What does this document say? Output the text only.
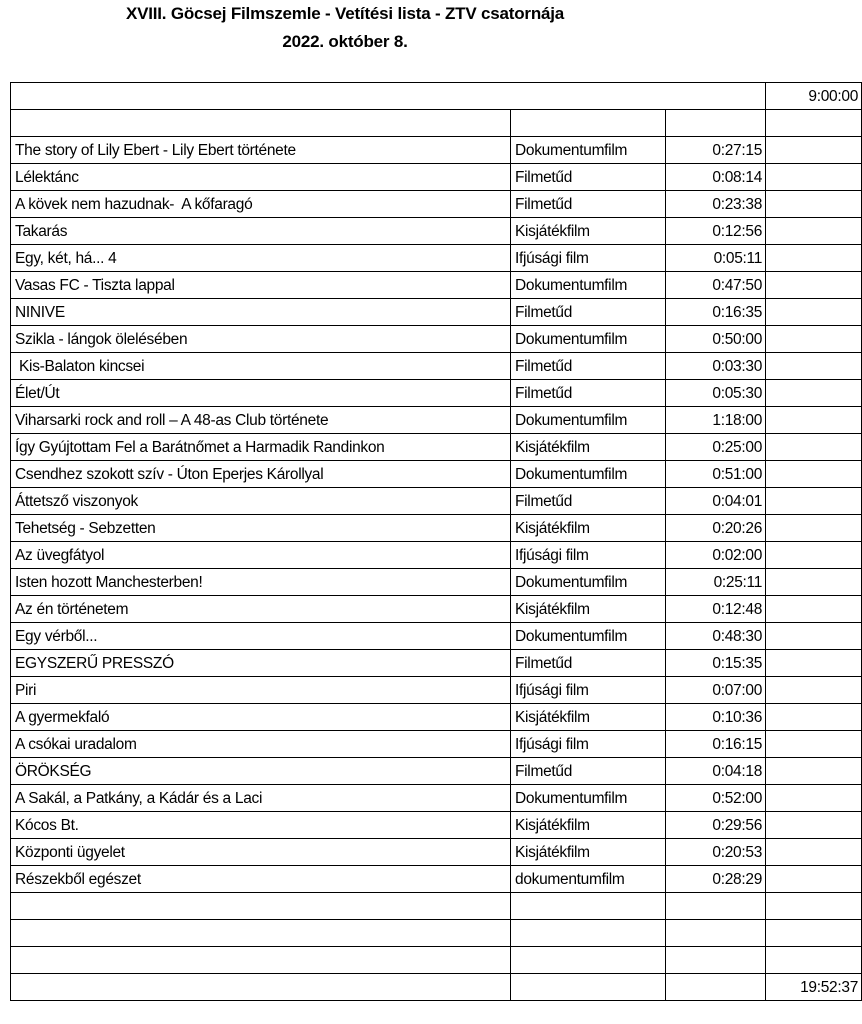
XVIII. Göcsej Filmszemle - Vetítési lista - ZTV csatornája
2022. október 8.
			9:00:00

The story of Lily Ebert - Lily Ebert története	Dokumentumfilm	0:27:15	
Lélektánc	Filmetűd	0:08:14	
A kövek nem hazudnak-  A kőfaragó	Filmetűd	0:23:38	
Takarás	Kisjátékfilm	0:12:56	
Egy, két, há... 4	Ifjúsági film	0:05:11	
Vasas FC - Tiszta lappal	Dokumentumfilm	0:47:50	
NINIVE	Filmetűd	0:16:35	
Szikla - lángok ölelésében	Dokumentumfilm	0:50:00	
Kis-Balaton kincsei	Filmetűd	0:03:30	
Élet/Út	Filmetűd	0:05:30	
Viharsarki rock and roll – A 48-as Club története	Dokumentumfilm	1:18:00	
Így Gyújtottam Fel a Barátnőmet a Harmadik Randinkon	Kisjátékfilm	0:25:00	
Csendhez szokott szív - Úton Eperjes Károllyal	Dokumentumfilm	0:51:00	
Áttetsző viszonyok	Filmetűd	0:04:01	
Tehetség - Sebzetten	Kisjátékfilm	0:20:26	
Az üvegfátyol	Ifjúsági film	0:02:00	
Isten hozott Manchesterben!	Dokumentumfilm	0:25:11	
Az én történetem	Kisjátékfilm	0:12:48	
Egy vérből...	Dokumentumfilm	0:48:30	
EGYSZERŰ PRESSZÓ	Filmetűd	0:15:35	
Piri	Ifjúsági film	0:07:00	
A gyermekfaló	Kisjátékfilm	0:10:36	
A csókai uradalom	Ifjúsági film	0:16:15	
ÖRÖKSÉG	Filmetűd	0:04:18	
A Sakál, a Patkány, a Kádár és a Laci	Dokumentumfilm	0:52:00	
Kócos Bt.	Kisjátékfilm	0:29:56	
Központi ügyelet	Kisjátékfilm	0:20:53	
Részekből egészet	dokumentumfilm	0:28:29	

			19:52:37
